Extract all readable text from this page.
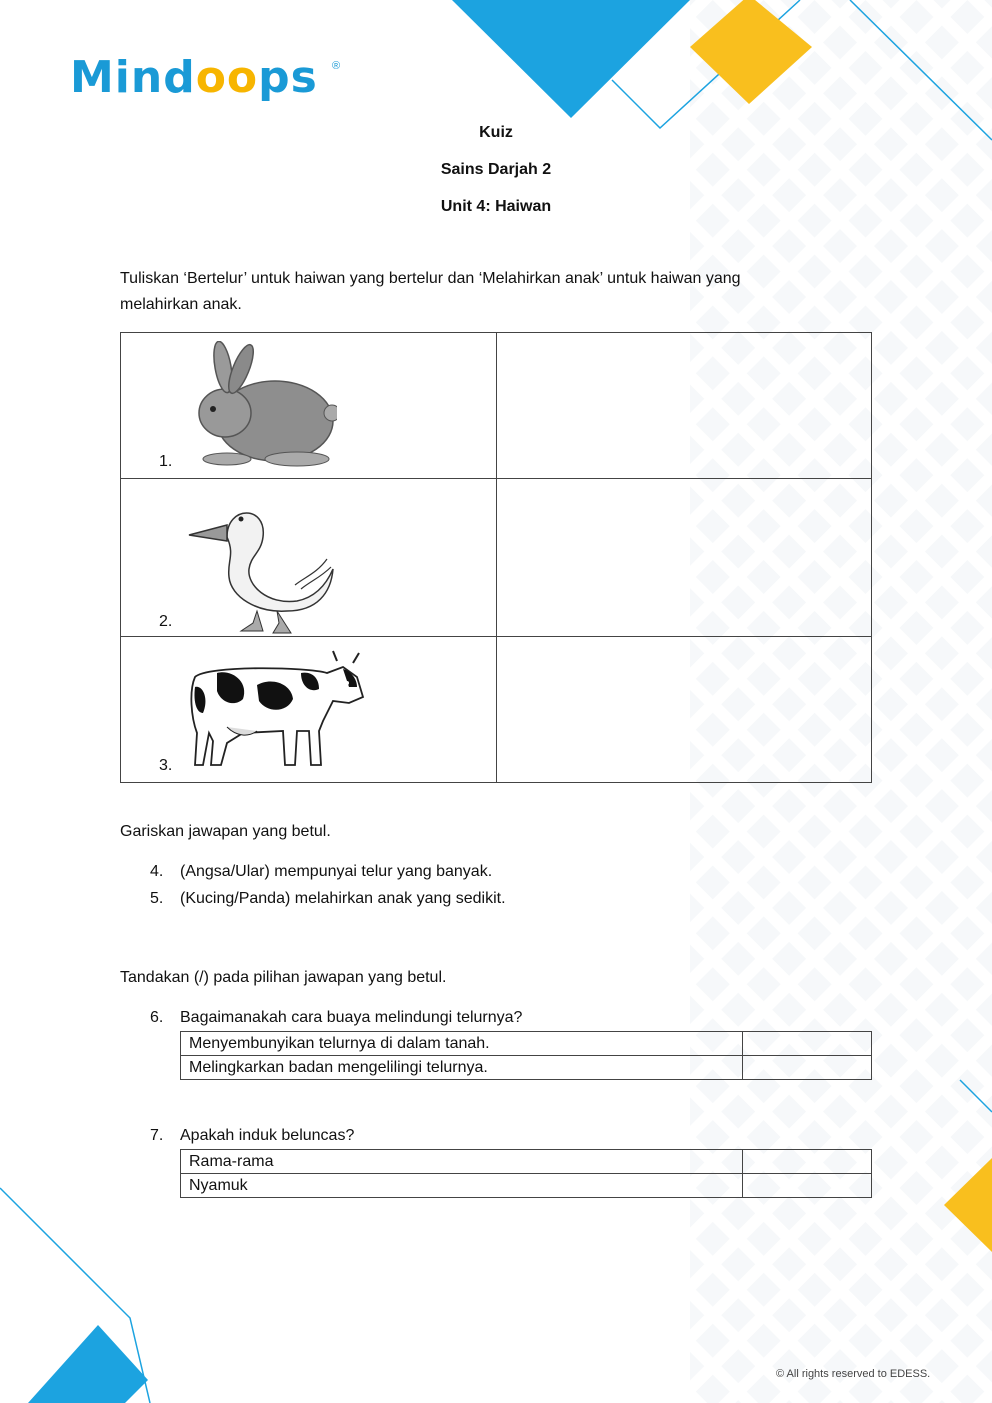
Mindoops ®
Kuiz
Sains Darjah 2
Unit 4: Haiwan
Tuliskan ‘Bertelur’ untuk haiwan yang bertelur dan ‘Melahirkan anak’ untuk haiwan yang
melahirkan anak.
1.	

2.	

3.	

Gariskan jawapan yang betul.
4. (Angsa/Ular) mempunyai telur yang banyak.
5. (Kucing/Panda) melahirkan anak yang sedikit.
Tandakan (/) pada pilihan jawapan yang betul.
6. Bagaimanakah cara buaya melindungi telurnya?
Menyembunyikan telurnya di dalam tanah.	
Melingkarkan badan mengelilingi telurnya.	
7. Apakah induk beluncas?
Rama-rama	
Nyamuk	
© All rights reserved to EDESS.
